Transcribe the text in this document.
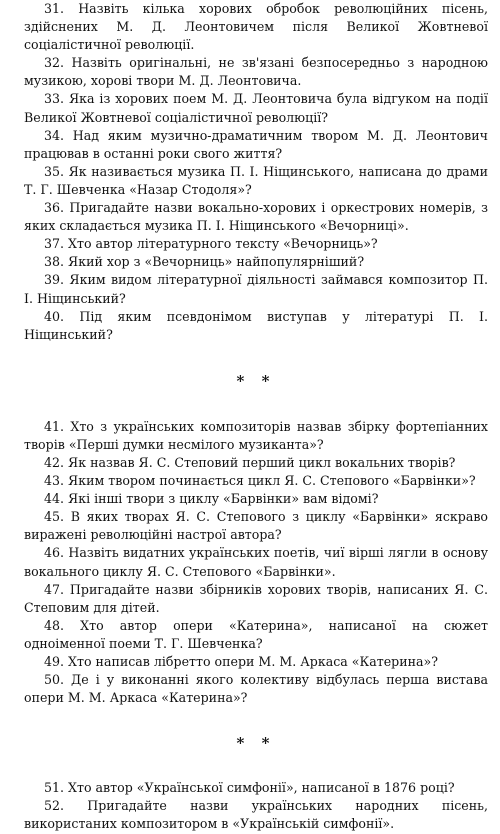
31. Назвіть кілька хорових обробок революційних пісень, здійснених М. Д. Леонтовичем після Великої Жовтневої соціалістичної революції.

32. Назвіть оригінальні, не зв'язані безпосередньо з народною музикою, хорові твори М. Д. Леонтовича.

33. Яка із хорових поем М. Д. Леонтовича була відгуком на події Великої Жовтневої соціалістичної революції?

34. Над яким музично-драматичним твором М. Д. Леонтович працював в останні роки свого життя?

35. Як називається музика П. І. Ніщинського, написана до драми Т. Г. Шевченка «Назар Стодоля»?

36. Пригадайте назви вокально-хорових і оркестрових номерів, з яких складається музика П. І. Ніщинського «Вечорниці».

37. Хто автор літературного тексту «Вечорниць»?

38. Який хор з «Вечорниць» найпопулярніший?

39. Яким видом літературної діяльності займався композитор П. І. Ніщинський?

40. Під яким псевдонімом виступав у літературі П. І. Ніщинський?

* *

41. Хто з українських композиторів назвав збірку фортепіанних творів «Перші думки несмілого музиканта»?

42. Як назвав Я. С. Степовий перший цикл вокальних творів?

43. Яким твором починається цикл Я. С. Степового «Барвінки»?

44. Які інші твори з циклу «Барвінки» вам відомі?

45. В яких творах Я. С. Степового з циклу «Барвінки» яскраво виражені революційні настрої автора?

46. Назвіть видатних українських поетів, чиї вірші лягли в основу вокального циклу Я. С. Степового «Барвінки».

47. Пригадайте назви збірників хорових творів, написаних Я. С. Степовим для дітей.

48. Хто автор опери «Катерина», написаної на сюжет одноіменної поеми Т. Г. Шевченка?

49. Хто написав лібретто опери М. М. Аркаса «Катерина»?

50. Де і у виконанні якого колективу відбулась перша вистава опери М. М. Аркаса «Катерина»?

* *

51. Хто автор «Української симфонії», написаної в 1876 році?

52. Пригадайте назви українських народних пісень, використаних композитором в «Українській симфонії».
